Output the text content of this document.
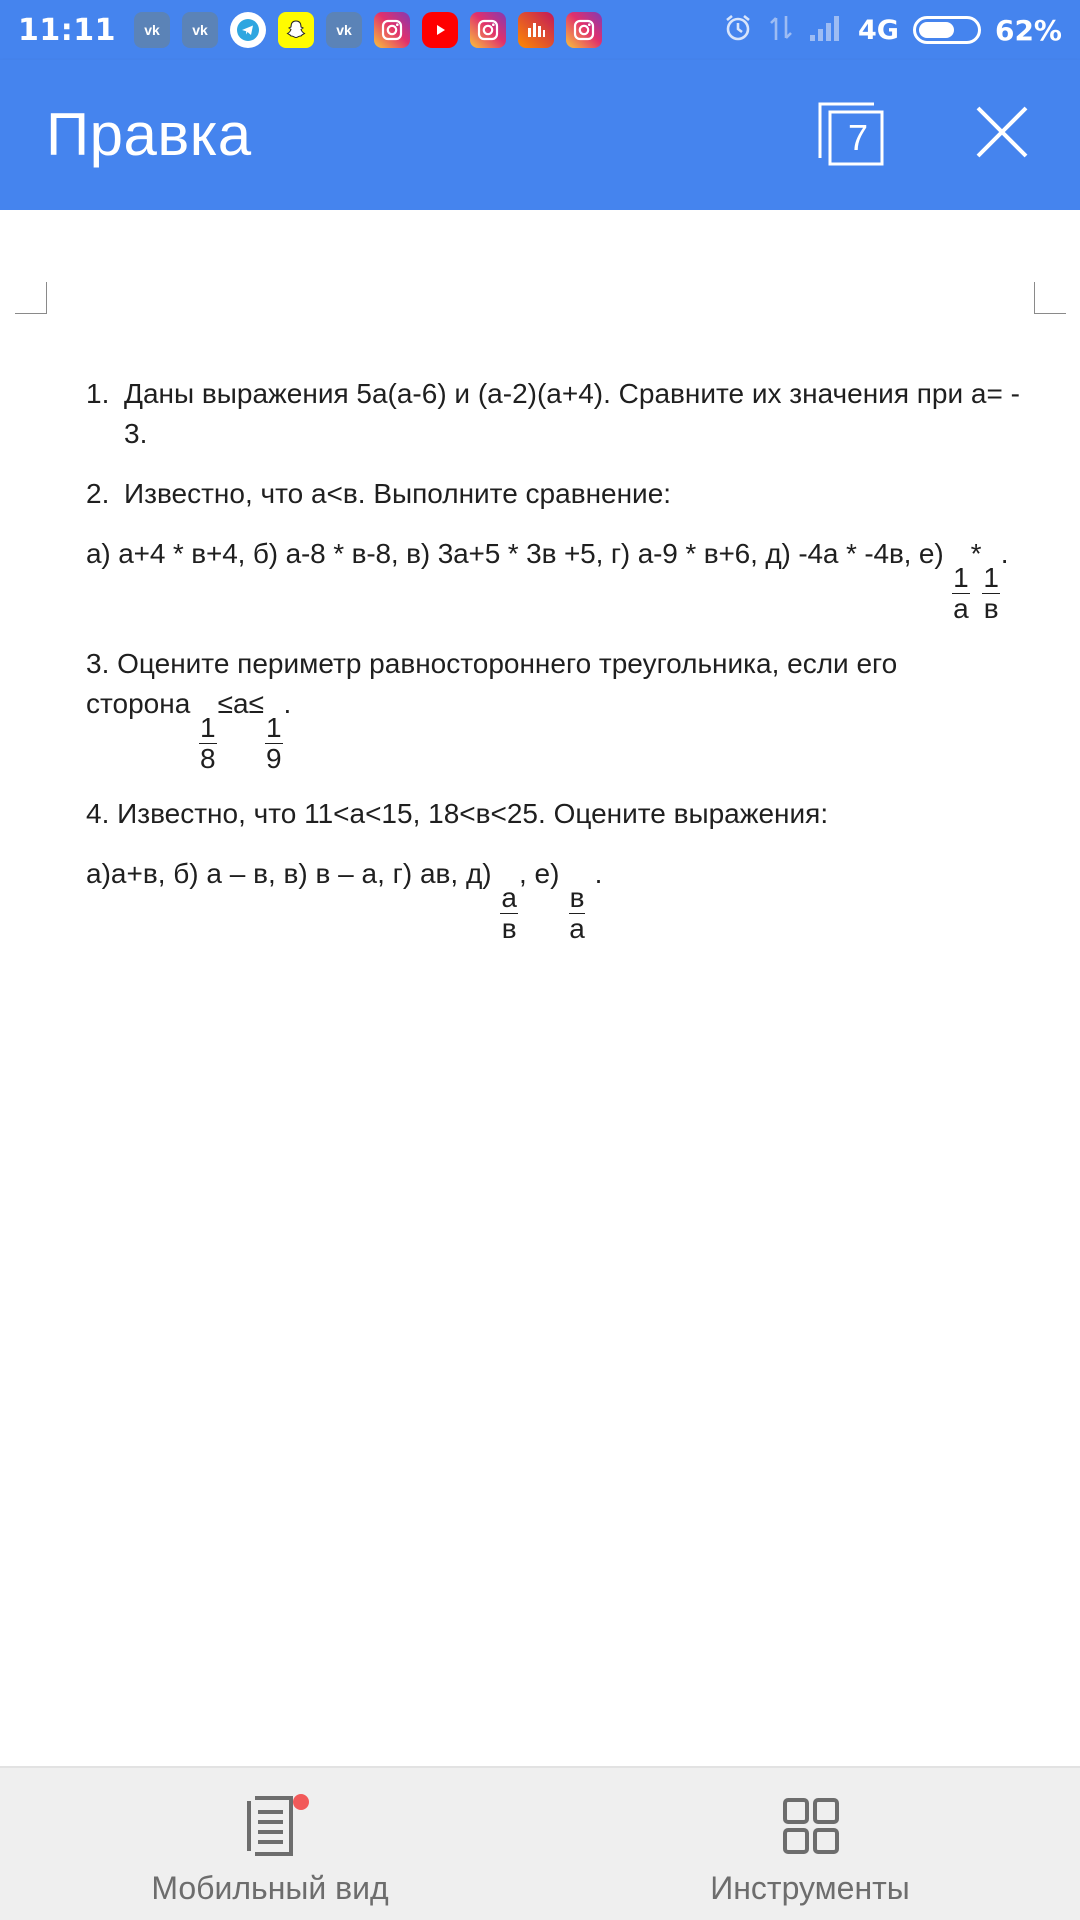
11:11	vk	vk	vk	4G	62%
Правка	7
1. Даны выражения 5а(а-6) и (а-2)(а+4). Сравните их значения при а= - 3.
2. Известно, что а<в. Выполните сравнение:
а) а+4 * в+4, б) а-8 * в-8, в) 3а+5 * 3в +5, г) а-9 * в+6, д) -4а * -4в, е)
$\frac{1}{а}$
*
$\frac{1}{в}$
.
3. Оцените периметр равностороннего треугольника, если его сторона
$\frac{1}{8}$
≤а≤
$\frac{1}{9}$
.
4. Известно, что 11<а<15, 18<в<25. Оцените выражения:
а)а+в, б) а – в, в) в – а, г) ав, д)
$\frac{а}{в}$
, е)
$\frac{в}{а}$
.
Мобильный вид	Инструменты
